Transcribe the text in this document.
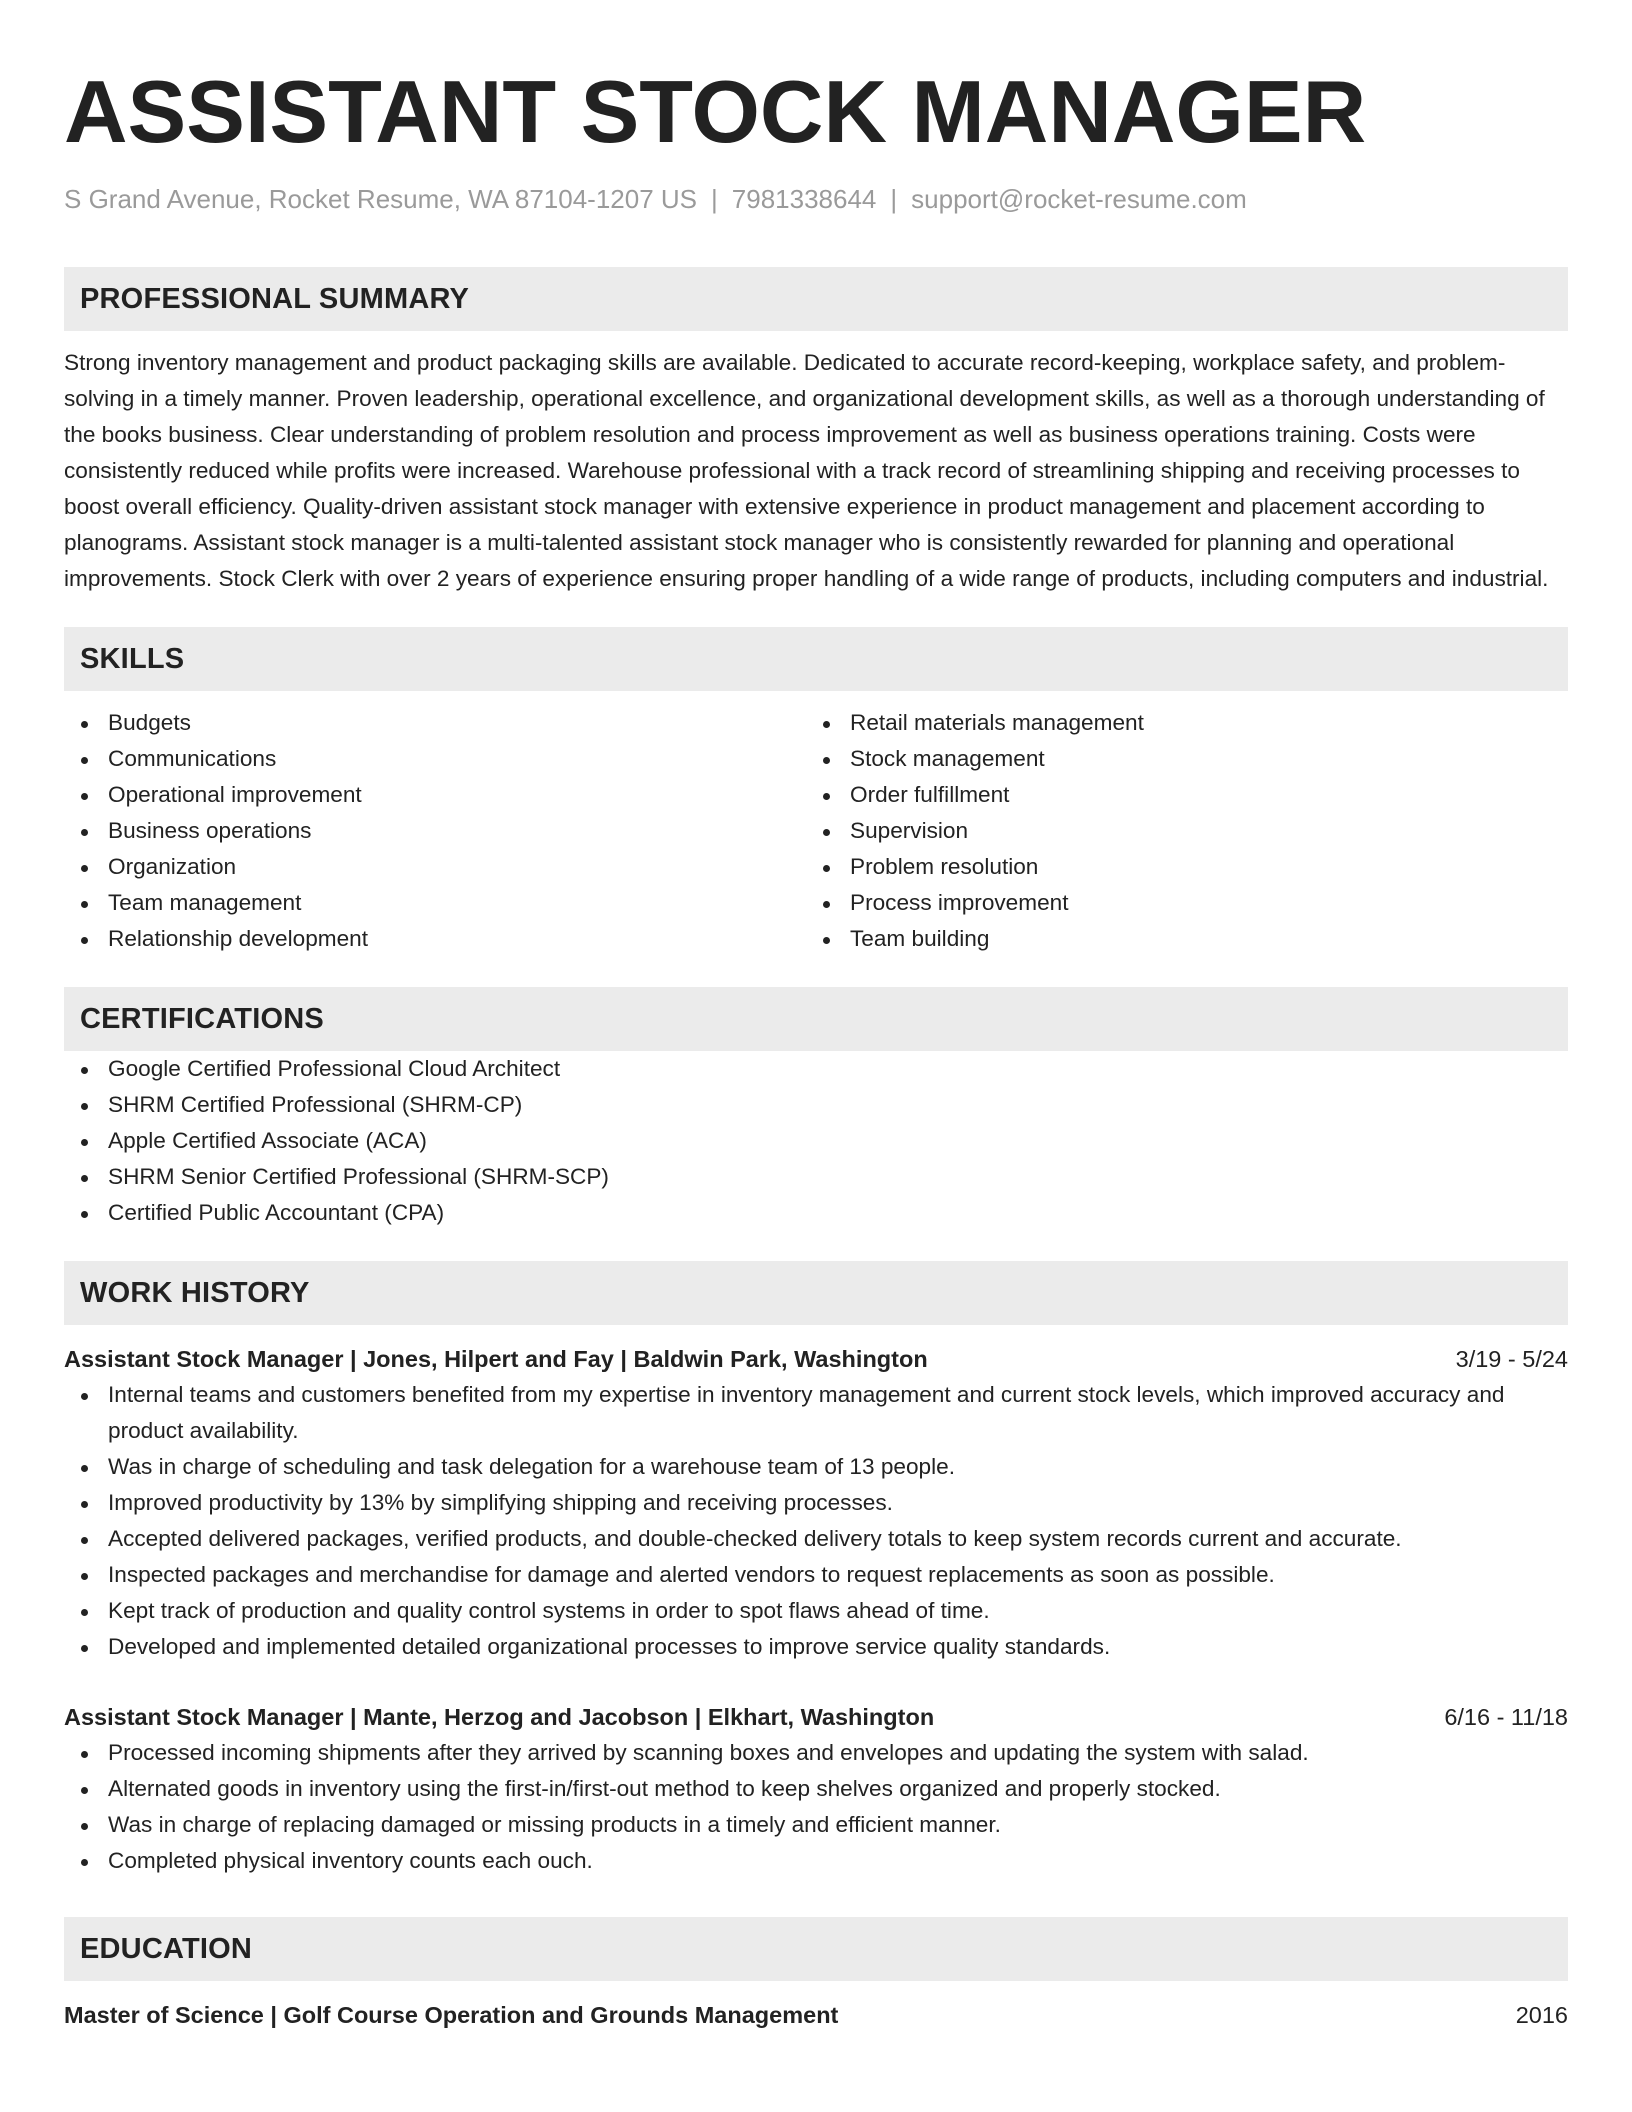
ASSISTANT STOCK MANAGER
S Grand Avenue, Rocket Resume, WA 87104-1207 US | 7981338644 | support@rocket-resume.com
PROFESSIONAL SUMMARY

Strong inventory management and product packaging skills are available. Dedicated to accurate record-keeping, workplace safety, and problem-solving in a timely manner. Proven leadership, operational excellence, and organizational development skills, as well as a thorough understanding of the books business. Clear understanding of problem resolution and process improvement as well as business operations training. Costs were consistently reduced while profits were increased. Warehouse professional with a track record of streamlining shipping and receiving processes to boost overall efficiency. Quality-driven assistant stock manager with extensive experience in product management and placement according to planograms. Assistant stock manager is a multi-talented assistant stock manager who is consistently rewarded for planning and operational improvements. Stock Clerk with over 2 years of experience ensuring proper handling of a wide range of products, including computers and industrial.

SKILLS
Budgets
Communications
Operational improvement
Business operations
Organization
Team management
Relationship development
Retail materials management
Stock management
Order fulfillment
Supervision
Problem resolution
Process improvement
Team building
CERTIFICATIONS
Google Certified Professional Cloud Architect
SHRM Certified Professional (SHRM-CP)
Apple Certified Associate (ACA)
SHRM Senior Certified Professional (SHRM-SCP)
Certified Public Accountant (CPA)
WORK HISTORY
Assistant Stock Manager | Jones, Hilpert and Fay | Baldwin Park, Washington	3/19 - 5/24
Internal teams and customers benefited from my expertise in inventory management and current stock levels, which improved accuracy and product availability.
Was in charge of scheduling and task delegation for a warehouse team of 13 people.
Improved productivity by 13% by simplifying shipping and receiving processes.
Accepted delivered packages, verified products, and double-checked delivery totals to keep system records current and accurate.
Inspected packages and merchandise for damage and alerted vendors to request replacements as soon as possible.
Kept track of production and quality control systems in order to spot flaws ahead of time.
Developed and implemented detailed organizational processes to improve service quality standards.
Assistant Stock Manager | Mante, Herzog and Jacobson | Elkhart, Washington	6/16 - 11/18
Processed incoming shipments after they arrived by scanning boxes and envelopes and updating the system with salad.
Alternated goods in inventory using the first-in/first-out method to keep shelves organized and properly stocked.
Was in charge of replacing damaged or missing products in a timely and efficient manner.
Completed physical inventory counts each ouch.
EDUCATION
Master of Science | Golf Course Operation and Grounds Management	2016
